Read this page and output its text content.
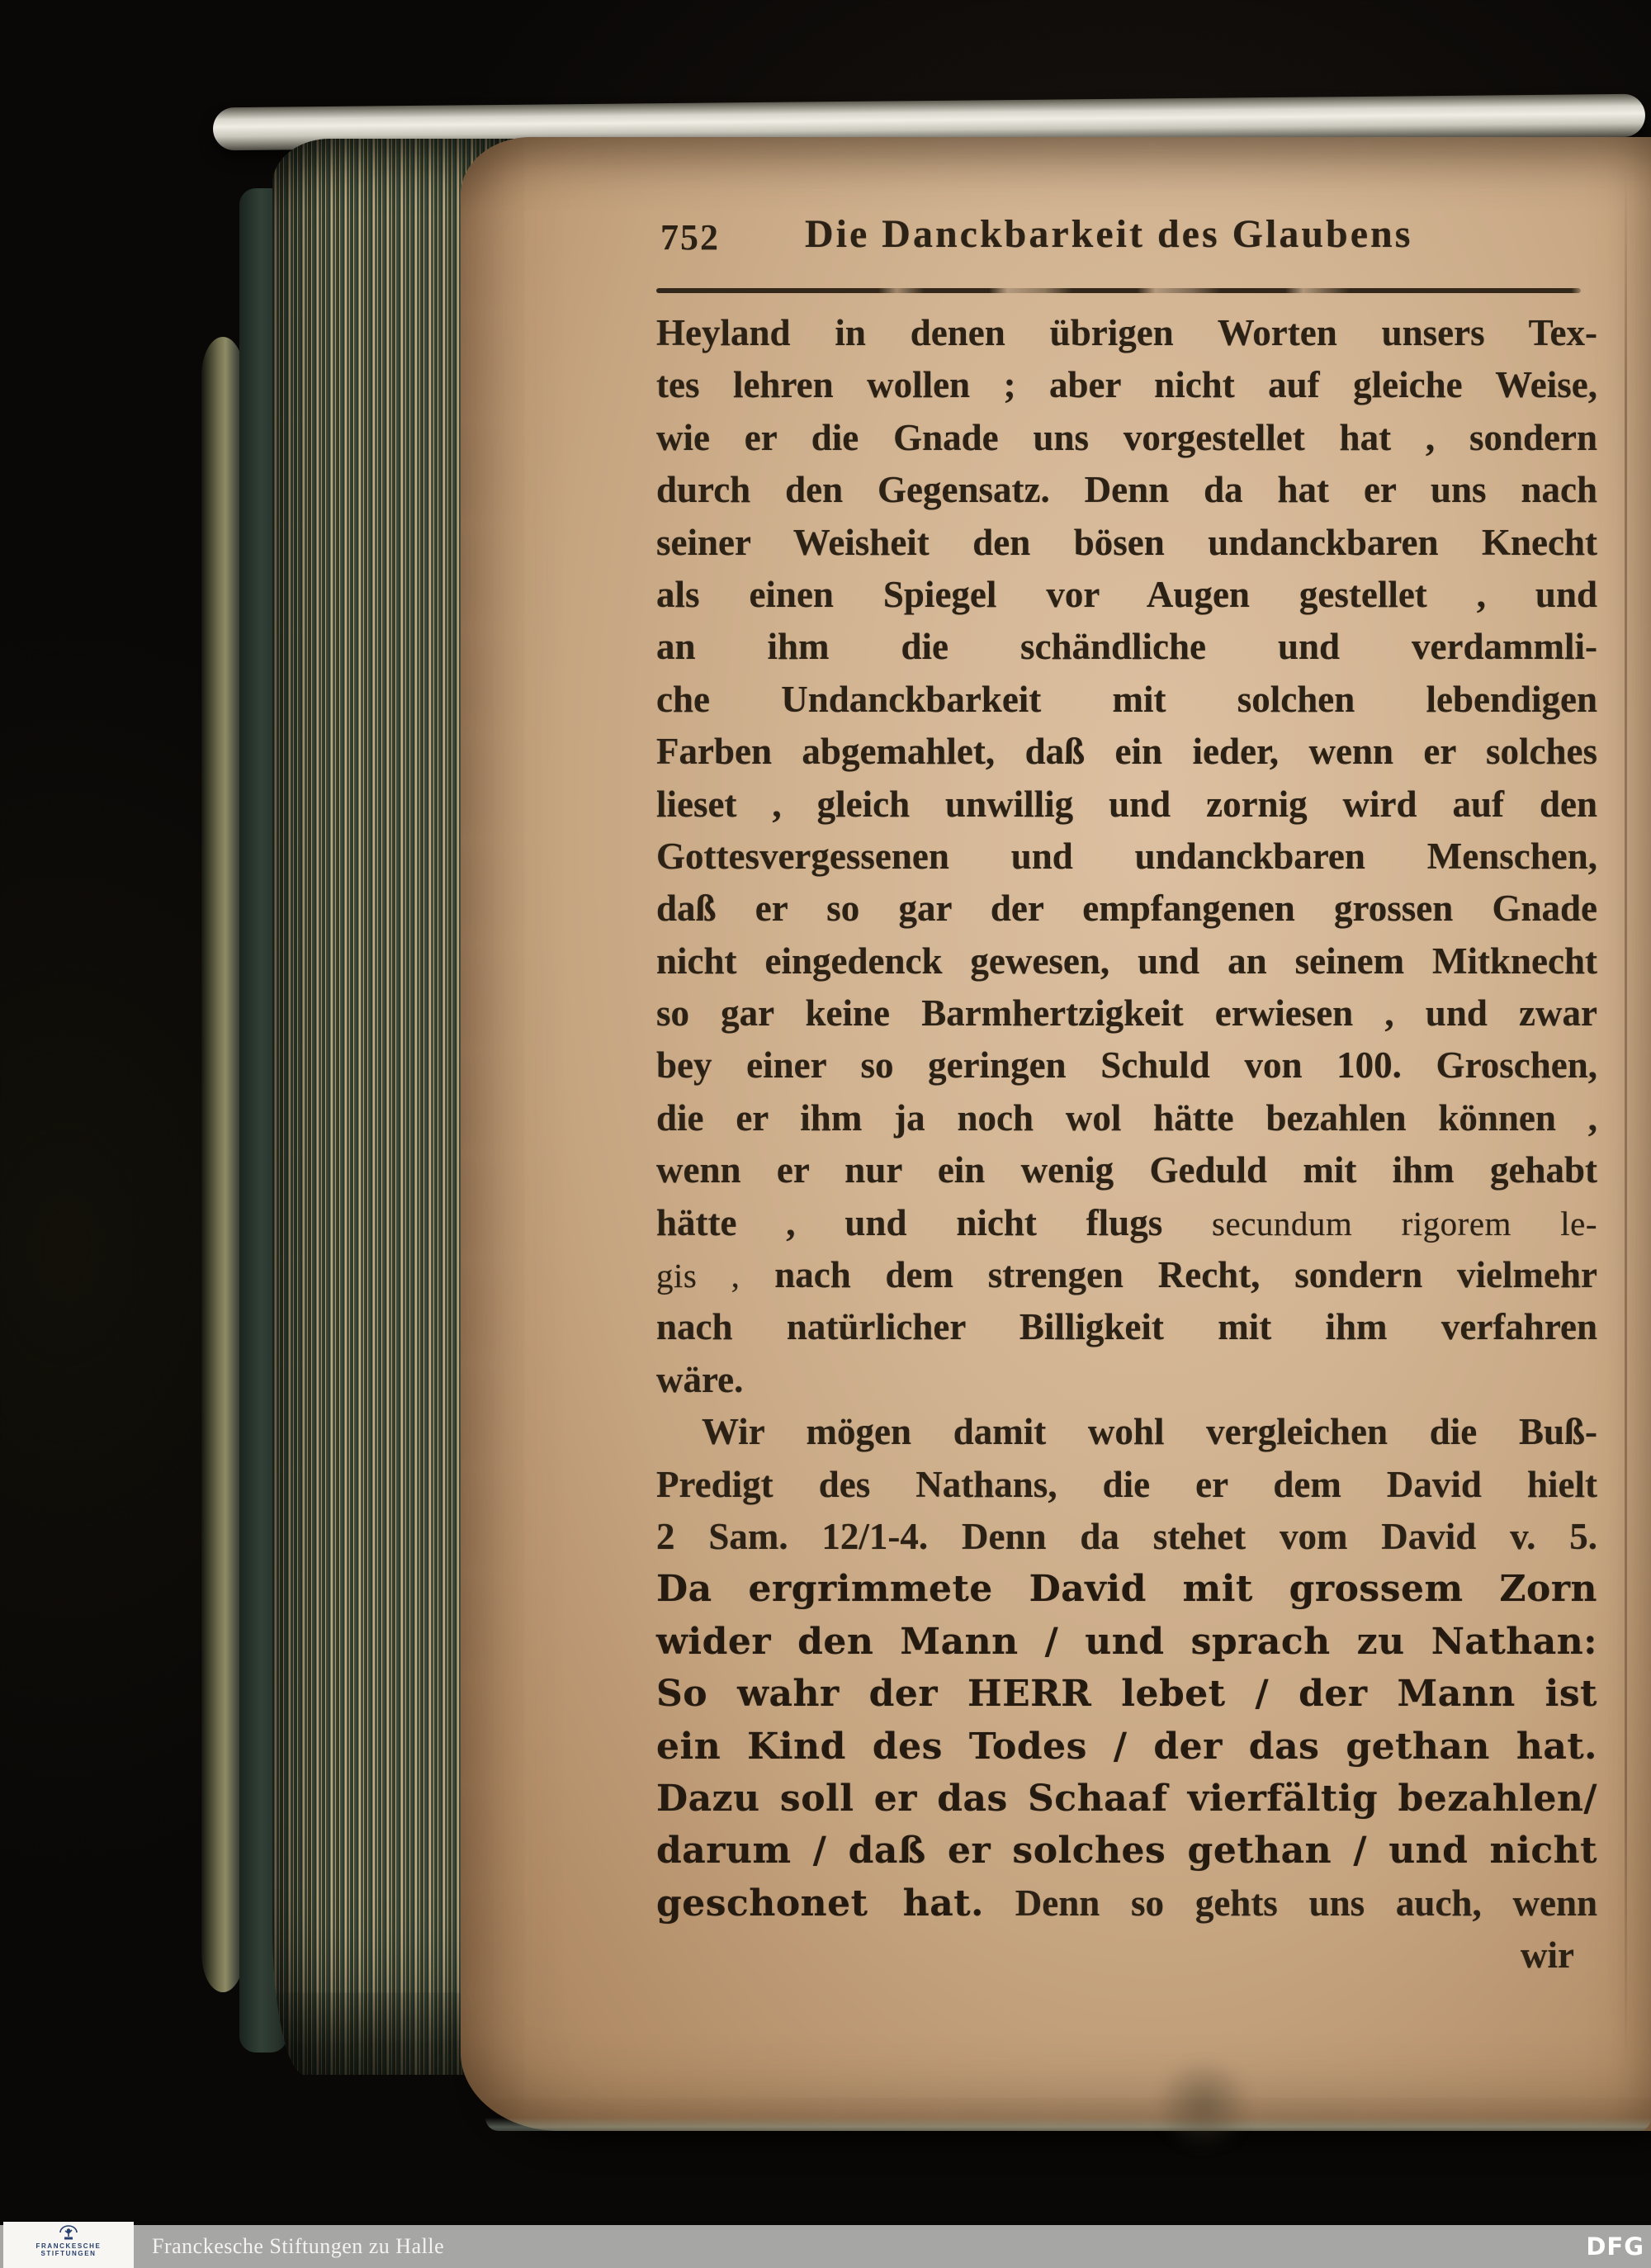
752 Die Danckbarkeit des Glaubens
Heyland in denen übrigen Worten unsers Tex-
tes lehren wollen ; aber nicht auf gleiche Weise,
wie er die Gnade uns vorgestellet hat , sondern
durch den Gegensatz. Denn da hat er uns nach
seiner Weisheit den bösen undanckbaren Knecht
als einen Spiegel vor Augen gestellet , und
an ihm die schändliche und verdammli-
che Undanckbarkeit mit solchen lebendigen
Farben abgemahlet, daß ein ieder, wenn er solches
lieset , gleich unwillig und zornig wird auf den
Gottesvergessenen und undanckbaren Menschen,
daß er so gar der empfangenen grossen Gnade
nicht eingedenck gewesen, und an seinem Mitknecht
so gar keine Barmhertzigkeit erwiesen , und zwar
bey einer so geringen Schuld von 100. Groschen,
die er ihm ja noch wol hätte bezahlen können ,
wenn er nur ein wenig Geduld mit ihm gehabt
hätte , und nicht flugs secundum rigorem le-
gis , nach dem strengen Recht, sondern vielmehr
nach natürlicher Billigkeit mit ihm verfahren
wäre.
Wir mögen damit wohl vergleichen die Buß-
Predigt des Nathans, die er dem David hielt
2 Sam. 12/1-4. Denn da stehet vom David v. 5.
Da ergrimmete David mit grossem Zorn
wider den Mann / und sprach zu Nathan:
So wahr der HERR lebet / der Mann ist
ein Kind des Todes / der das gethan hat.
Dazu soll er das Schaaf vierfältig bezahlen/
darum / daß er solches gethan / und nicht
geschonet hat. Denn so gehts uns auch, wenn
wir
FRANCKESCHE
STIFTUNGEN	Franckesche Stiftungen zu Halle	DFG
